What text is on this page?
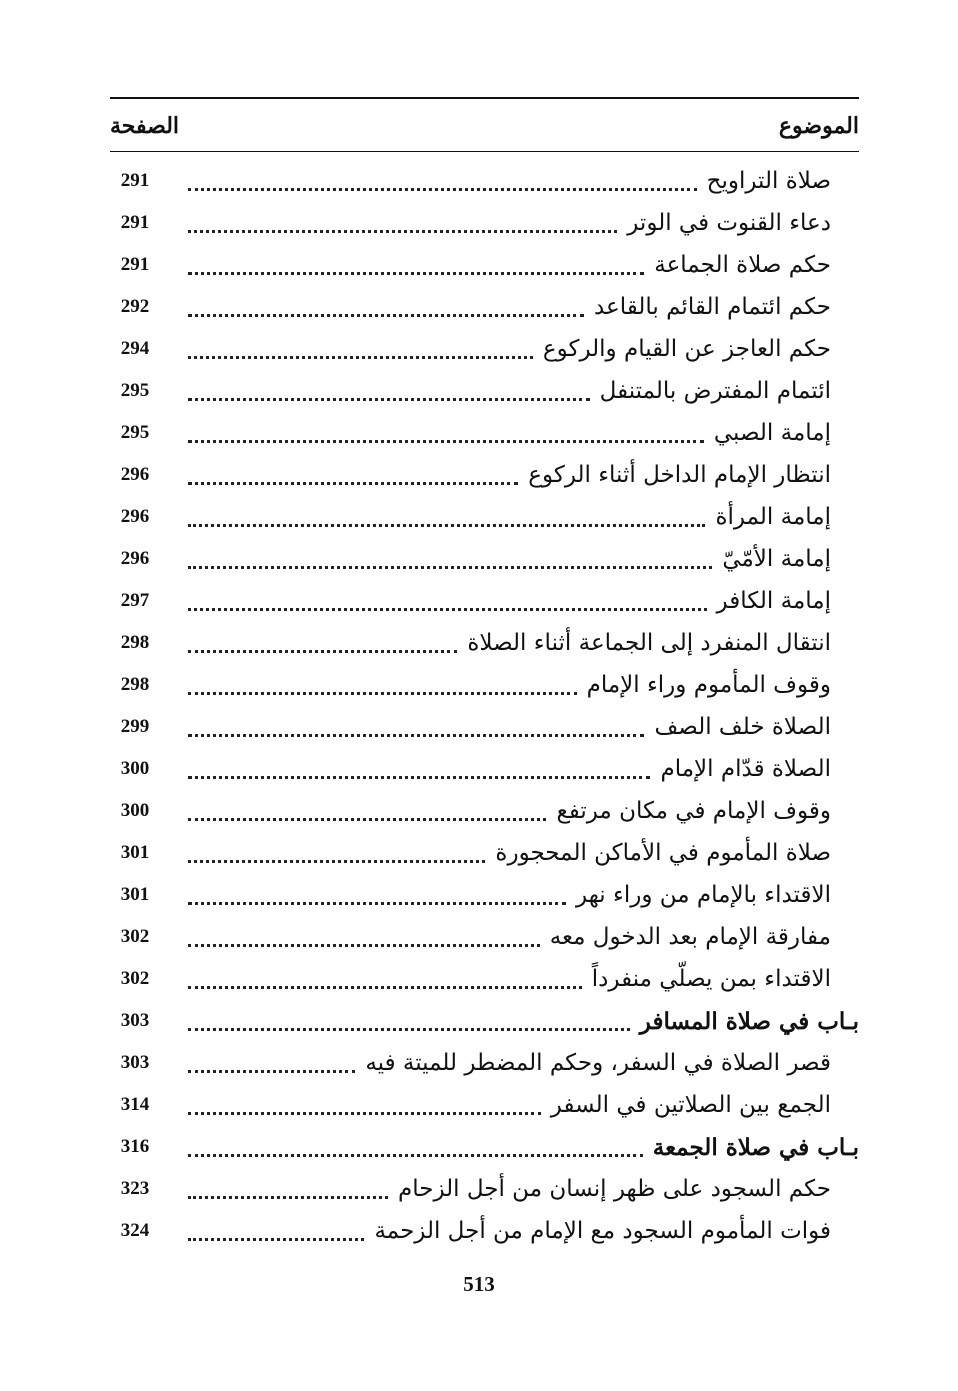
الصفحة	الموضوع
291	صلاة التراويح
291	دعاء القنوت في الوتر
291	حكم صلاة الجماعة
292	حكم ائتمام القائم بالقاعد
294	حكم العاجز عن القيام والركوع
295	ائتمام المفترض بالمتنفل
295	إمامة الصبي
296	انتظار الإمام الداخل أثناء الركوع
296	إمامة المرأة
296	إمامة الأمّيّ
297	إمامة الكافر
298	انتقال المنفرد إلى الجماعة أثناء الصلاة
298	وقوف المأموم وراء الإمام
299	الصلاة خلف الصف
300	الصلاة قدّام الإمام
300	وقوف الإمام في مكان مرتفع
301	صلاة المأموم في الأماكن المحجورة
301	الاقتداء بالإمام من وراء نهر
302	مفارقة الإمام بعد الدخول معه
302	الاقتداء بمن يصلّي منفرداً
303	بـاب في صلاة المسافر
303	قصر الصلاة في السفر، وحكم المضطر للميتة فيه
314	الجمع بين الصلاتين في السفر
316	بـاب في صلاة الجمعة
323	حكم السجود على ظهر إنسان من أجل الزحام
324	فوات المأموم السجود مع الإمام من أجل الزحمة
513
